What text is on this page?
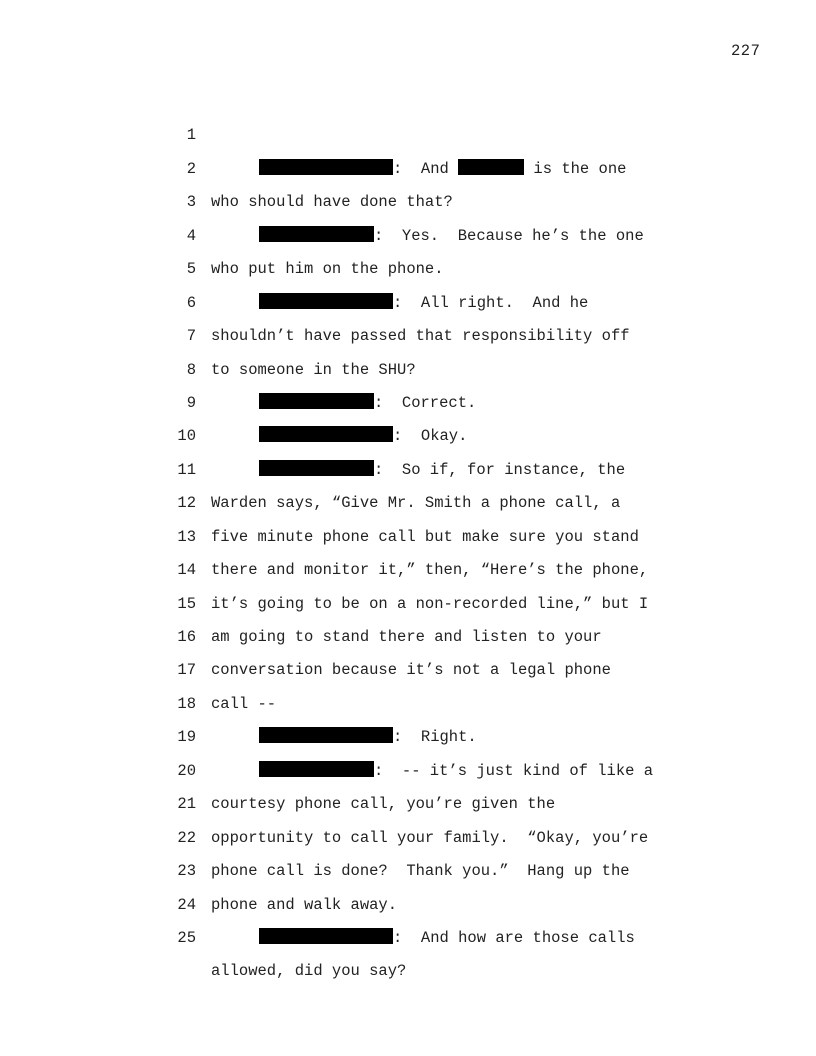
227

1

:  And	is the one

2

who should have done that?

3

:  Yes.  Because he’s the one

4

who put him on the phone.

5

:  All right.  And he

6

shouldn’t have passed that responsibility off

7

to someone in the SHU?

8

:  Correct.

9

:  Okay.

10

:  So if, for instance, the

11

Warden says, “Give Mr. Smith a phone call, a

12

five minute phone call but make sure you stand

13

there and monitor it,” then, “Here’s the phone,

14

it’s going to be on a non-recorded line,” but I

15

am going to stand there and listen to your

16

conversation because it’s not a legal phone

17

call --

18

:  Right.

19

:  -- it’s just kind of like a

20

courtesy phone call, you’re given the

21

opportunity to call your family.  “Okay, you’re

22

phone call is done?  Thank you.”  Hang up the

23

phone and walk away.

24

:  And how are those calls

25

allowed, did you say?
